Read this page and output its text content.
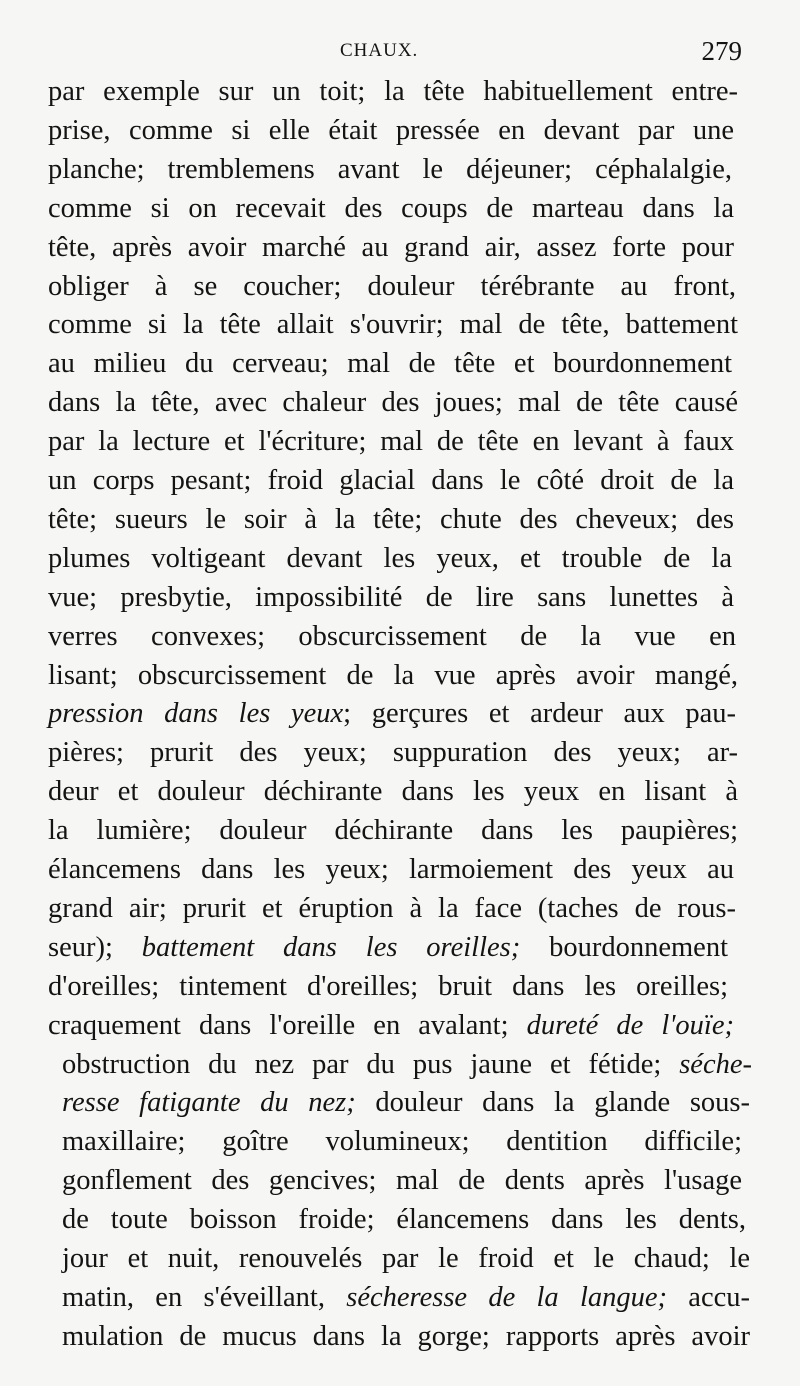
CHAUX.	279
par exemple sur un toit; la tête habituellement entre-
prise, comme si elle était pressée en devant par une
planche; tremblemens avant le déjeuner; céphalalgie,
comme si on recevait des coups de marteau dans la
tête, après avoir marché au grand air, assez forte pour
obliger à se coucher; douleur térébrante au front,
comme si la tête allait s'ouvrir; mal de tête, battement
au milieu du cerveau; mal de tête et bourdonnement
dans la tête, avec chaleur des joues; mal de tête causé
par la lecture et l'écriture; mal de tête en levant à faux
un corps pesant; froid glacial dans le côté droit de la
tête; sueurs le soir à la tête; chute des cheveux; des
plumes voltigeant devant les yeux, et trouble de la
vue; presbytie, impossibilité de lire sans lunettes à
verres convexes; obscurcissement de la vue en
lisant; obscurcissement de la vue après avoir mangé,
pression dans les yeux; gerçures et ardeur aux pau-
pières; prurit des yeux; suppuration des yeux; ar-
deur et douleur déchirante dans les yeux en lisant à
la lumière; douleur déchirante dans les paupières;
élancemens dans les yeux; larmoiement des yeux au
grand air; prurit et éruption à la face (taches de rous-
seur); battement dans les oreilles; bourdonnement
d'oreilles; tintement d'oreilles; bruit dans les oreilles;
craquement dans l'oreille en avalant; dureté de l'ouïe;
obstruction du nez par du pus jaune et fétide; séche-
resse fatigante du nez; douleur dans la glande sous-
maxillaire; goître volumineux; dentition difficile;
gonflement des gencives; mal de dents après l'usage
de toute boisson froide; élancemens dans les dents,
jour et nuit, renouvelés par le froid et le chaud; le
matin, en s'éveillant, sécheresse de la langue; accu-
mulation de mucus dans la gorge; rapports après avoir
